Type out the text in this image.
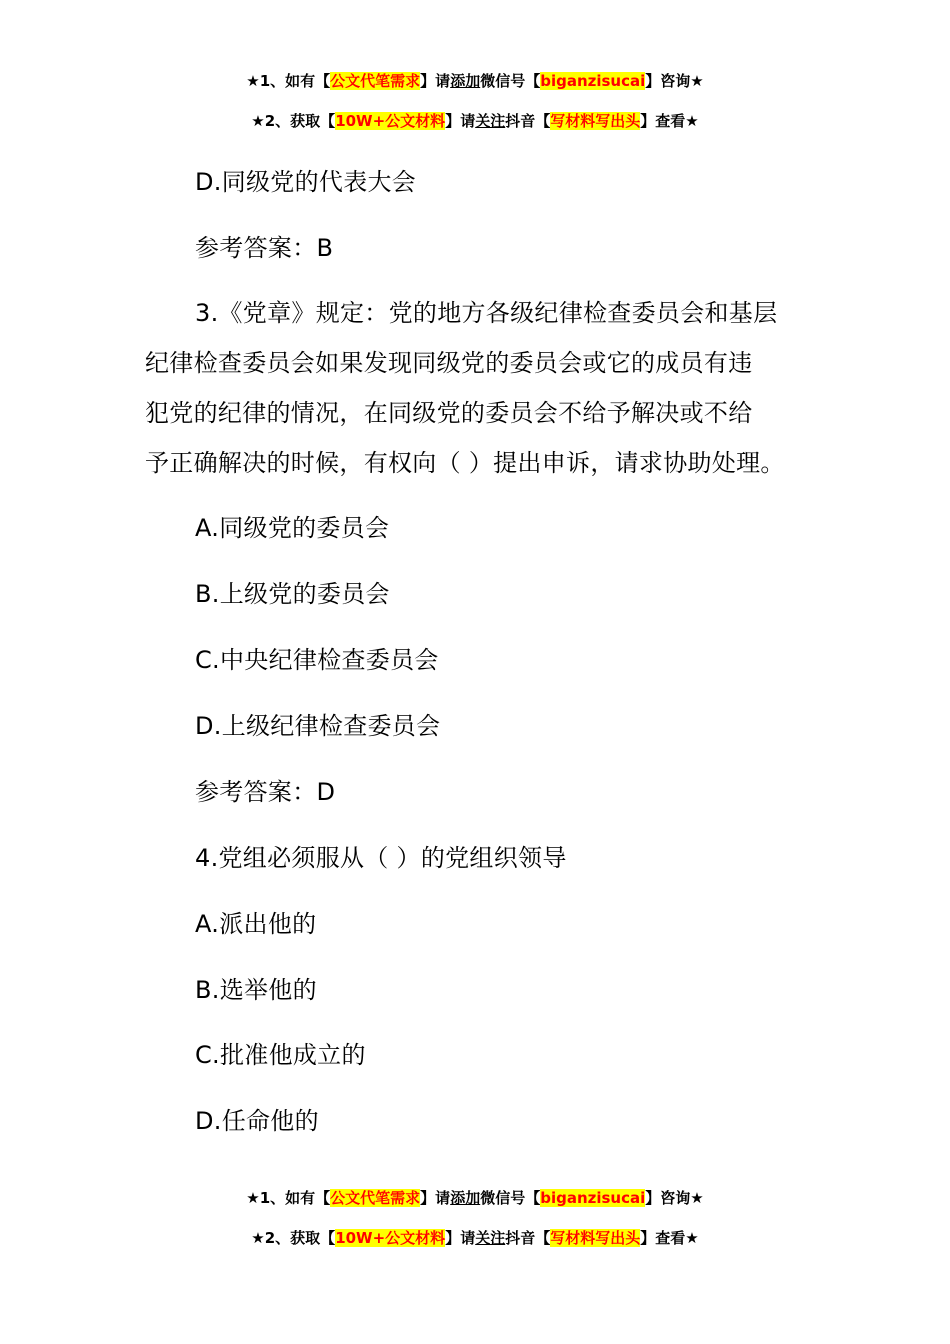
★1、如有【公文代笔需求】请添加微信号【biganzisucai】咨询★
★2、获取【10W+公文材料】请关注抖音【写材料写出头】查看★
D.同级党的代表大会
参考答案：B
3.《党章》规定：党的地方各级纪律检查委员会和基层
纪律检查委员会如果发现同级党的委员会或它的成员有违
犯党的纪律的情况，在同级党的委员会不给予解决或不给
予正确解决的时候，有权向（ ）提出申诉，请求协助处理。
A.同级党的委员会
B.上级党的委员会
C.中央纪律检查委员会
D.上级纪律检查委员会
参考答案：D
4.党组必须服从（ ）的党组织领导
A.派出他的
B.选举他的
C.批准他成立的
D.任命他的
★1、如有【公文代笔需求】请添加微信号【biganzisucai】咨询★
★2、获取【10W+公文材料】请关注抖音【写材料写出头】查看★
